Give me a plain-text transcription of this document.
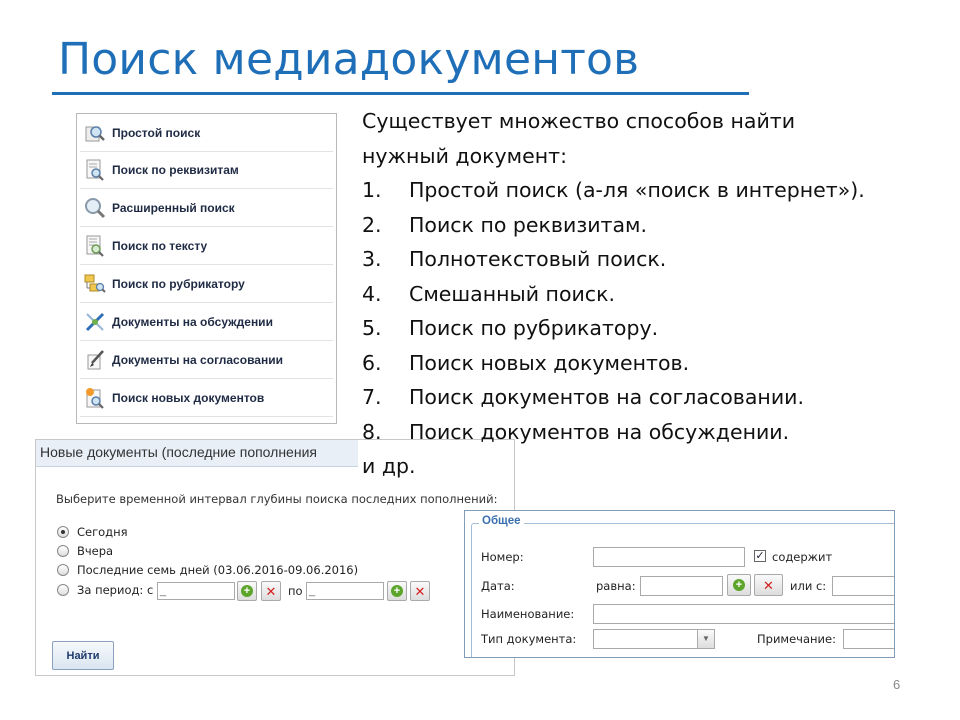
Поиск медиадокументов
Простой поиск
Поиск по реквизитам
Расширенный поиск
Поиск по тексту
Поиск по рубрикатору
Документы на обсуждении
Документы на согласовании
Поиск новых документов
Существует множество способов найти
нужный документ:
1. Простой поиск (а-ля «поиск в интернет»).
2. Поиск по реквизитам.
3. Полнотекстовый поиск.
4. Смешанный поиск.
5. Поиск по рубрикатору.
6. Поиск новых документов.
7. Поиск документов на согласовании.
8. Поиск документов на обсуждении.
и др.
Новые документы (последние пополнения
Выберите временной интервал глубины поиска последних пополнений:
Сегодня
Вчера
Последние семь дней (03.06.2016-09.06.2016)
За период: с _	+ ✕ по _	+ ✕
Найти
Общее
Номер:	✓ содержит
Дата:	равна:	+ ✕ или с:
Наименование:
Тип документа:	▼	Примечание:
6
